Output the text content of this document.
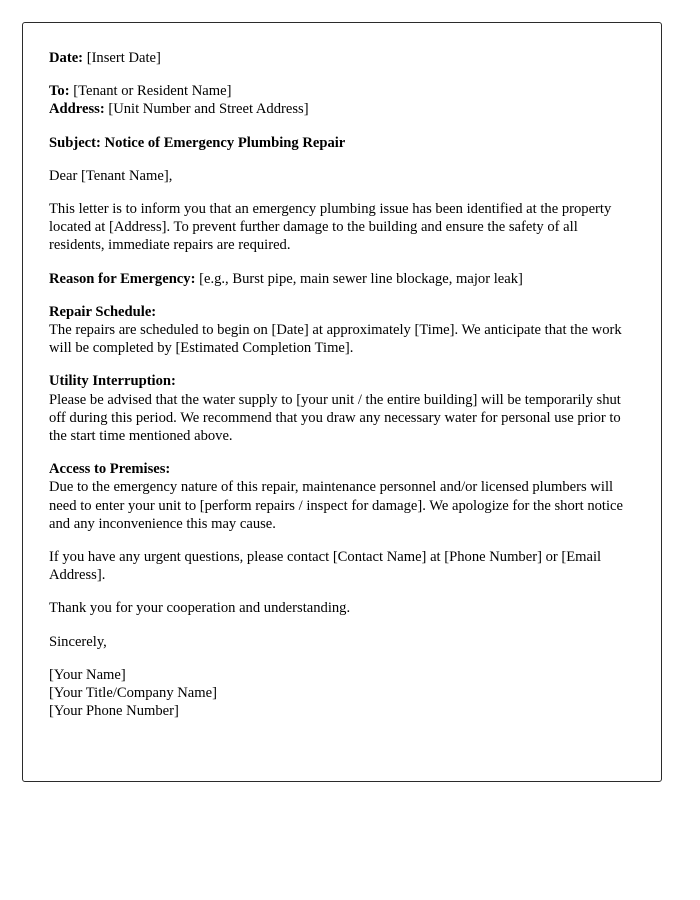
Date: [Insert Date]

To: [Tenant or Resident Name]

Address: [Unit Number and Street Address]

Subject: Notice of Emergency Plumbing Repair

Dear [Tenant Name],

This letter is to inform you that an emergency plumbing issue has been identified at the property located at [Address]. To prevent further damage to the building and ensure the safety of all residents, immediate repairs are required.

Reason for Emergency: [e.g., Burst pipe, main sewer line blockage, major leak]

Repair Schedule:

The repairs are scheduled to begin on [Date] at approximately [Time]. We anticipate that the work will be completed by [Estimated Completion Time].

Utility Interruption:

Please be advised that the water supply to [your unit / the entire building] will be temporarily shut off during this period. We recommend that you draw any necessary water for personal use prior to the start time mentioned above.

Access to Premises:

Due to the emergency nature of this repair, maintenance personnel and/or licensed plumbers will need to enter your unit to [perform repairs / inspect for damage]. We apologize for the short notice and any inconvenience this may cause.

If you have any urgent questions, please contact [Contact Name] at [Phone Number] or [Email Address].

Thank you for your cooperation and understanding.

Sincerely,

[Your Name]

[Your Title/Company Name]

[Your Phone Number]
